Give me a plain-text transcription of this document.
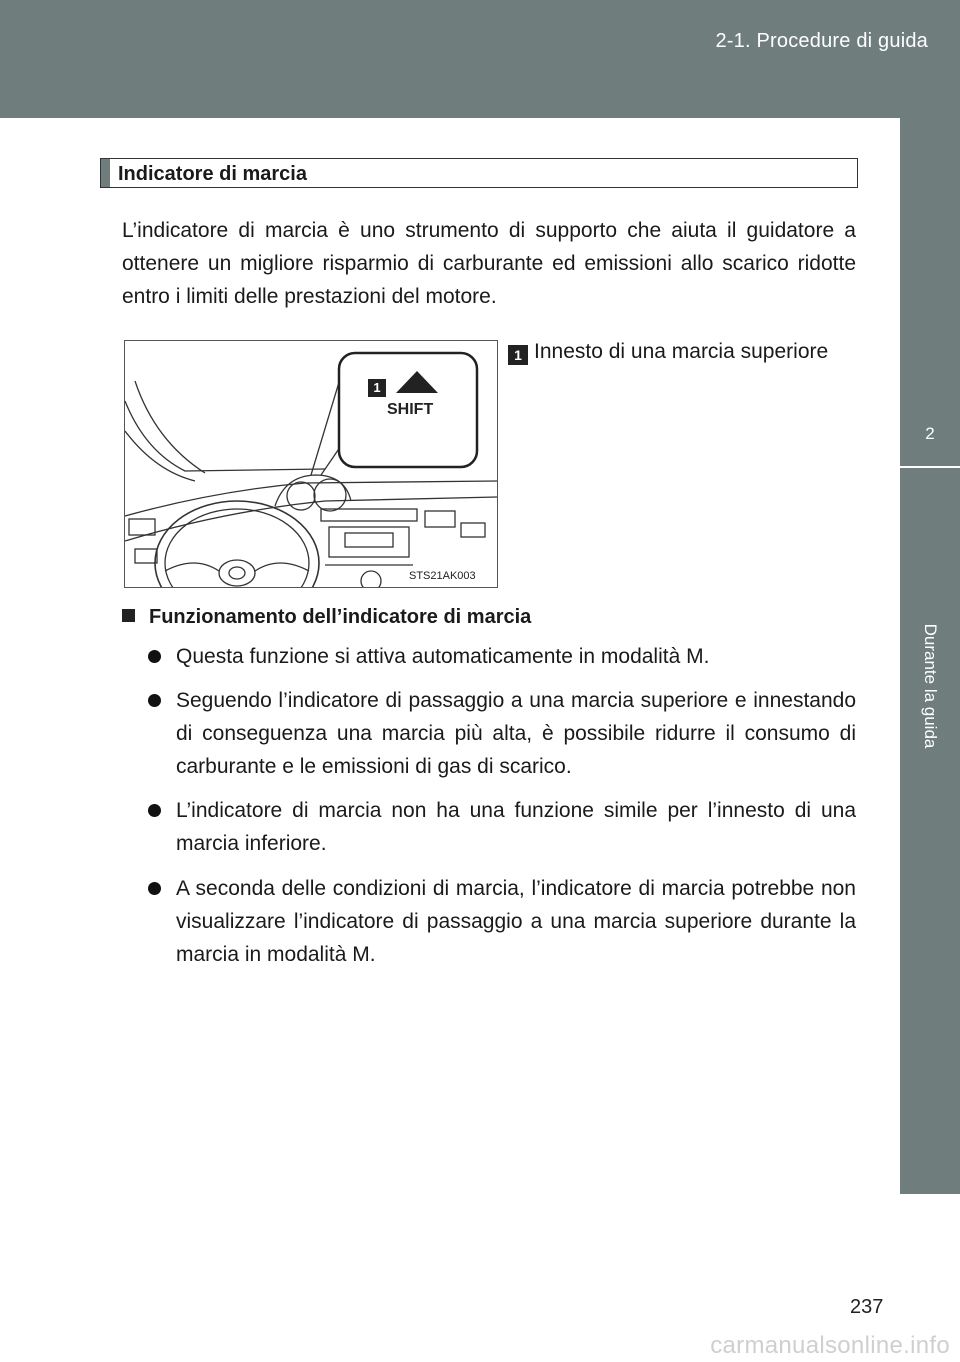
2-1. Procedure di guida
2
Durante la guida
Indicatore di marcia
L’indicatore di marcia è uno strumento di supporto che aiuta il guidatore a ottenere un migliore risparmio di carburante ed emissioni allo scarico ridotte entro i limiti delle prestazioni del motore.
1
SHIFT
STS21AK003
1 Innesto di una marcia superiore
Funzionamento dell’indicatore di marcia
Questa funzione si attiva automaticamente in modalità M.
Seguendo l’indicatore di passaggio a una marcia superiore e innestando di conseguenza una marcia più alta, è possibile ridurre il consumo di carburante e le emissioni di gas di scarico.
L’indicatore di marcia non ha una funzione simile per l’innesto di una marcia inferiore.
A seconda delle condizioni di marcia, l’indicatore di marcia potrebbe non visualizzare l’indicatore di passaggio a una marcia superiore durante la marcia in modalità M.
237
carmanualsonline.info
